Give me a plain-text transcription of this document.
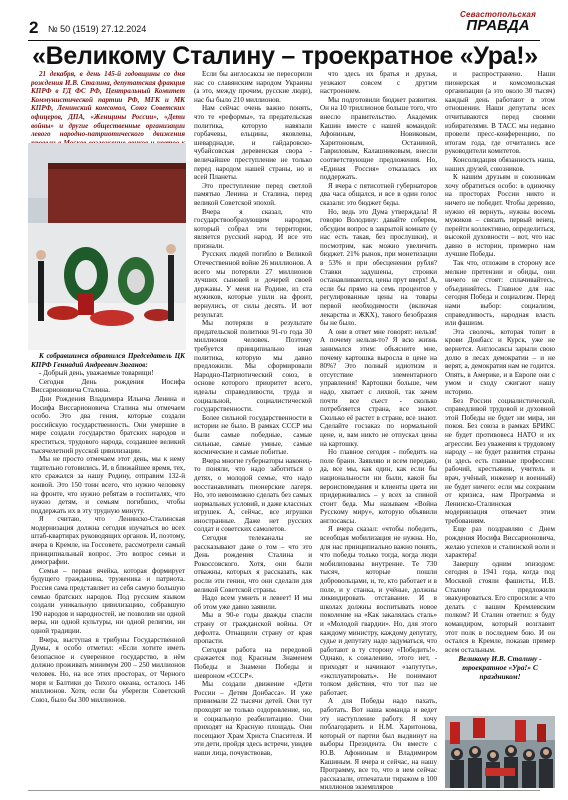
2 № 50 (1519) 27.12.2024
Севастопольская
ПРАВДА
«Великому Сталину – троекратное «Ура!»

21 декабря, в день 145-й годовщины со дня рождения И.В. Сталина, депутатская фракция КПРФ в ГД ФС РФ, Центральный Комитет Коммунистической партии РФ, МГК и МК КПРФ, Ленинский комсомол, Союз Советских офицеров, ДПА, «Женщины России», «Дети войны» и другие общественные организации левого народно-патриотического движения

К собравшимся обратился Председатель ЦК КПРФ Геннадий Андреевич Зюганов:

- Добрый день, уважаемые товарищи!

Сегодня День рождения Иосифа Виссарионовича Сталина.

Дни Рождения Владимира Ильича Ленина и Иосифа Виссарионовича Сталина мы отмечаем особо. Это два гения, которые создали российскую государственность. Они умершие в мире создали государство братских народов и креститься, трудового народа, создавшее великий тысячелетний русской цивилизации.

Мы не просто отмечаем этот день, мы к нему тщательно готовились. И, в ближайшее время, тех, кто сражался за нашу Родину, отправим 132-й конвой. Это 150 тонн всего, что нужно человеку на фронте, что нужно ребятам в госпиталях, что нужно детям, и семьям погибших, чтобы поддержать их в эту трудную минуту.

Я считаю, что Ленинско-Сталинская модернизация должна сегодня изучаться во всех штаб-квартирах руководящих органов. И, поэтому, вчера в Кремле, на Госсовете, рассмотрели самый принципиальный вопрос. Это вопрос семьи и демографии.

Семья – первая ячейка, которая формирует будущего гражданина, труженика и патриота. Россия сама представляет из себя самую большую семью братских народов. Под русским языком создали уникальную цивилизацию, собравшую 190 народов и народностей, не позволив ни одной веры, ни одной культуры, ни одной религии, ни одной традиции.

Вчера, выступая в трибуны Государственной Думы, я особо отметил: «Если хотите иметь безопасное и суверенное государство, в нём должно проживать минимум 200 – 250 миллионов человек. Но, на все этих просторах, от Черного моря и Балтики до Тихого океана, осталось 146 миллионов. Хотя, если бы уберегли Советский Союз, было бы 300 миллионов.

Если бы англосаксы не пересорили нас со славянским народом Украины (а это, между прочим, русские люди), нас бы было 210 миллионов.

Нам сейчас очень важно понять, что те «реформы», та предательская политика, которую навязали горбачевы, ельцины, яковлевы, шеварднадзе, и гайдаровско-чубайсовская деревенская свора - величайшее преступление не только перед народом нашей страны, но и всей Планеты.

Это преступление перед светлой памятью Ленина и Сталина, перед великой Советской эпохой.

Вчера я сказал, что государствообразующим народом, который собрал эти территории, является русский народ. И все это признали.

Русских людей погибло в Великой Отечественной войне 26 миллионов. А всего мы потеряли 27 миллионов лучших сыновей и дочерей своей державы. У меня на Родине, из ста мужиков, которые ушли на фронт, вернулись, от силы десять. И вот результат.

Мы потеряли в результате предательской политики 91-го года 30 миллионов человек. Поэтому требуется принципиально иная политика, которую мы давно предложили. Мы сформировали Народно-Патриотический союз, в основе которого приоритет всего, идеалы справедливости, труда и социальной, социалистической государственности.

Более сильной государственности в истории не было. В рамках СССР мы были самые победные, самые сильные, самые умные, самые космические и самые побитые.

Вчера многие губернаторы наконец-то поняли, что надо заботиться о детях, о молодой семье, что надо восстанавливать пионерские лагеря. Но, это невозможно сделать без самых нормальных условий, и даже классных игрушек. А, сейчас, все игрушки иностранные. Даже нет русских солдат и советских самолетов.

Сегодня телеканалы не рассказывают даже о том – что это День рождения Сталина и Рокоссовского. Хотя, они были отважны, которых я рассказать, как росли эти гении, что они сделали для великой Советской страны.

Надо всем умнеть и левеет! И мы об этом уже давно заявили.

Мы в 90-е годы дважды спасли страну от гражданской войны. От дефолта. Отнащили страну от края пропасти.

Сегодня работа на передовой сражается под Красным Знаменем Победы и Знамени Победы и шевроном «СССР».

Мы создали движение «Дети России – Детям Донбасса». И уже принимали 22 тысячи детей. Они тут проходят не только оздоровление, но, и социальную реабилитацию. Они приходят на Красную площадь. Они посещают Храм Христа Спасителя. И эти дети, пройдя здесь встречи, увидев наши лица, почувствовав,

что здесь их братья и друзья, уезжают совсем с другим настроением.

Мы подготовили бюджет развития. Он на 10 триллионов больше того, что внесло правительство. Академик Кашин вместе с нашей командой: Афониным, Новиковым, Харитоновым, Останиной, Гавриловым, Калашниковым, внесли соответствующие предложения. Но, «Единая Россия» отказалась их поддержать.

Я вчера с пятисотней губернаторов два часа общался, и все в один голос сказали: это бюджет беды.

Но, ведь это Дума утверждала! Я говорю Володину: давайте соберем, обсудим вопрос в закрытой комнате (у нас есть такая, без прослушки), и посмотрим, как можно увеличить бюджет. 21% рынок, при монетизации в 53% и при обесценении рубля? Ставки задушены, строики останавливаются, цены прут вверх! А, если бы прямо на семь процентов у регулированные цены на товары первой необходимости (включая лекарства и ЖКХ), такого безобразия бы не было.

А они в ответ мне говорят: нельзя! А почему нельзя-то? Я всю жизнь занимался этим: объясните мне, почему картошка выросла в цене на 80%? Это полный идиотизм и отсутствие элементарного управления! Картошки больше, чем надо, хватает с лихвой, так зачем почти все съест - сколько потребляется страна, все знают. Сколько её растет в стране, все знают. Сделайте госзаказ по нормальной цене, и, вам никто не отпускал цены на картошку.

Но главное сегодня - победить на поле брани. Заявляю и всем передаю, да, все мы, как один, как если бы национальности ни были, какой бы вероисповедания и клиенты цвета ни придерживались – у всех за спиной стоит беда. Мы называем «Война Русскому миру», которую объявили англосаксы.

Я вчера сказал: «чтобы победить, всеобщая мобилизация не нужна. Но, для нас принципиально важно понять, что победы только тогда, когда люди мобилизованы внутренне. Те 730 тысяч, которые пошли добровольцами, и, те, кто работает и в поле, и у станка, и учёные, должны ликвидировать отставание. И в школах должны воспитывать новое поколение на «Как закалялась сталь» и «Молодой гвардии». Но, для этого каждому министру, каждому депутату, судье и депутату надо задуматься, что работают в ту сторону «Победить!». Однако, к сожалению, этого нет, - приходят и начинают «запутуть», «эксплуатировать». Не понимают толком действия, что тот паз не работает.

А для Победы надо пахать, работать. Вот наша команда и ведет эту наступление работу. Я хочу поблагодарить и Н.М. Харитонова, который от партии был выдвинут на выборы Президента. Он вместе с Ю.В. Афониным и Владимиром Кашиным. Я вчера и сейчас, на нашу Программу, все то, что в нем сейчас рассказали, отпечатали тиражом в 100 миллионов экземпляров

и распространено. Наши пионерская и комсомольская организации (а это около 30 тысяч) каждый день работают в этом отношении. Наши депутаты всех отчитываются перед своими избирателями. В ТАСС мы недавно провели пресс-конференцию, по итогам года, где отчитались все руководители комитетов.

Консолидация обязанность наша, наших друзей, союзников.

К нашим друзьям и союзникам хочу обратиться особо: в одиночку на просторах России никто и ничего не победит. Чтобы деревню, нужно ей вернуть, нужны восемь мужиков – связать первый венец, перейти коллективно, определиться, высокой духовности – вот, что нас давно в истории, примерно нам лучшие Победы.

Так что, отложим в сторону все мелкие претензии и обиды, они ничего не стоят: сплачивайтесь, объединяйтесь. Главное для нас сегодня Победа и социализм. Перед нами выбор: социализм, справедливость, народная власть или фашизм.

Эта сволочь, которая топит в крови Донбасс и Курск, уже не вернется. Англосаксы зарыли свою долю в лесах демократии – и не верят, а, демократия нам не годится. Опять, в Америке, и в Европе они с умом и сходу сжигают нашу историю.

Без России социалистической, справедливой трудовой и духовной этой Победы не будет ни мира, ни покоя. Без союза в рамках БРИКС не будет противовеса НАТО и их агрессии. Без уважения к трудовому народу – не будет развития страны (и здесь есть главные профессии: рабочий, крестьянин, учитель и врач, учёный, инженер и военный) не будет ничего: если мы сохраним от кризиса, нам Программа и Ленинско-Сталинская модернизация отвечает этим требованиям.

Еще раз поздравляю с Днем рождения Иосифа Виссарионовича, желаю успехов и сталинской воли и характера!

Завершу одним эпизодом: сегодня в 1941 года, когда под Москвой стояли фашисты, И.В. Сталину предложили эвакуироваться. Его спросили: а что делать с вашим Кремлевским полком? И Сталин ответил: я буду командиром, который возглавит этот полк в последнем бою. И он остался в Кремле, показав пример всем остальным.

Великому И.В. Сталину - троекратное «Ура!» С праздником!
